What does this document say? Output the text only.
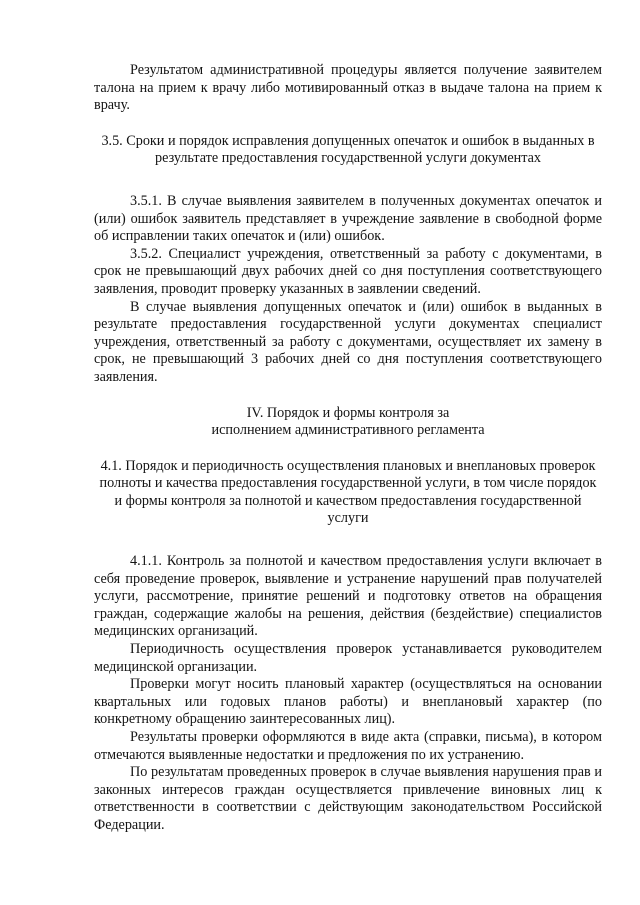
Результатом административной процедуры является получение заявителем талона на прием к врачу либо мотивированный отказ в выдаче талона на прием к врачу.

3.5. Сроки и порядок исправления допущенных опечаток и ошибок в выданных в результате предоставления государственной услуги документах

3.5.1. В случае выявления заявителем в полученных документах опечаток и (или) ошибок заявитель представляет в учреждение заявление в свободной форме об исправлении таких опечаток и (или) ошибок.

3.5.2. Специалист учреждения, ответственный за работу с документами, в срок не превышающий двух рабочих дней со дня поступления соответствующего заявления, проводит проверку указанных в заявлении сведений.

В случае выявления допущенных опечаток и (или) ошибок в выданных в результате предоставления государственной услуги документах специалист учреждения, ответственный за работу с документами, осуществляет их замену в срок, не превышающий 3 рабочих дней со дня поступления соответствующего заявления.

IV. Порядок и формы контроля за

исполнением административного регламента

4.1. Порядок и периодичность осуществления плановых и внеплановых проверок полноты и качества предоставления государственной услуги, в том числе порядок и формы контроля за полнотой и качеством предоставления государственной услуги

4.1.1. Контроль за полнотой и качеством предоставления услуги включает в себя проведение проверок, выявление и устранение нарушений прав получателей услуги, рассмотрение, принятие решений и подготовку ответов на обращения граждан, содержащие жалобы на решения, действия (бездействие) специалистов медицинских организаций.

Периодичность осуществления проверок устанавливается руководителем медицинской организации.

Проверки могут носить плановый характер (осуществляться на основании квартальных или годовых планов работы) и внеплановый характер (по конкретному обращению заинтересованных лиц).

Результаты проверки оформляются в виде акта (справки, письма), в котором отмечаются выявленные недостатки и предложения по их устранению.

По результатам проведенных проверок в случае выявления нарушения прав и законных интересов граждан осуществляется привлечение виновных лиц к ответственности в соответствии с действующим законодательством Российской Федерации.
